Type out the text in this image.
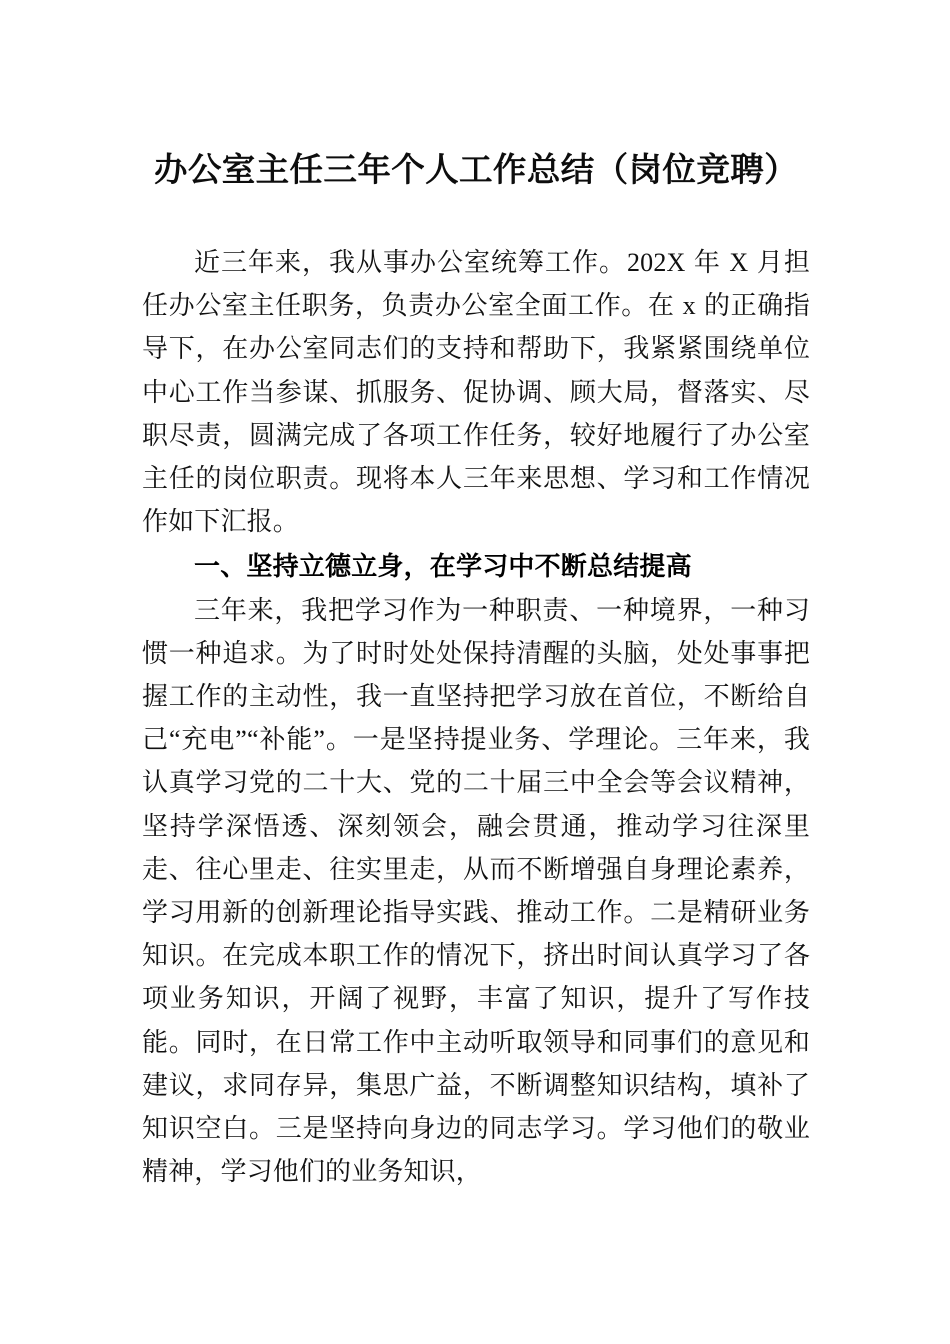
办公室主任三年个人工作总结（岗位竞聘）

近三年来，我从事办公室统筹工作。202X 年 X 月担任办公室主任职务，负责办公室全面工作。在 x 的正确指导下，在办公室同志们的支持和帮助下，我紧紧围绕单位中心工作当参谋、抓服务、促协调、顾大局，督落实、尽职尽责，圆满完成了各项工作任务，较好地履行了办公室主任的岗位职责。现将本人三年来思想、学习和工作情况作如下汇报。

一、坚持立德立身，在学习中不断总结提高

三年来，我把学习作为一种职责、一种境界，一种习惯一种追求。为了时时处处保持清醒的头脑，处处事事把握工作的主动性，我一直坚持把学习放在首位，不断给自己“充电”“补能”。一是坚持提业务、学理论。三年来，我认真学习党的二十大、党的二十届三中全会等会议精神，坚持学深悟透、深刻领会，融会贯通，推动学习往深里走、往心里走、往实里走，从而不断增强自身理论素养，学习用新的创新理论指导实践、推动工作。二是精研业务知识。在完成本职工作的情况下，挤出时间认真学习了各项业务知识，开阔了视野，丰富了知识，提升了写作技能。同时，在日常工作中主动听取领导和同事们的意见和建议，求同存异，集思广益，不断调整知识结构，填补了知识空白。三是坚持向身边的同志学习。学习他们的敬业精神，学习他们的业务知识，
